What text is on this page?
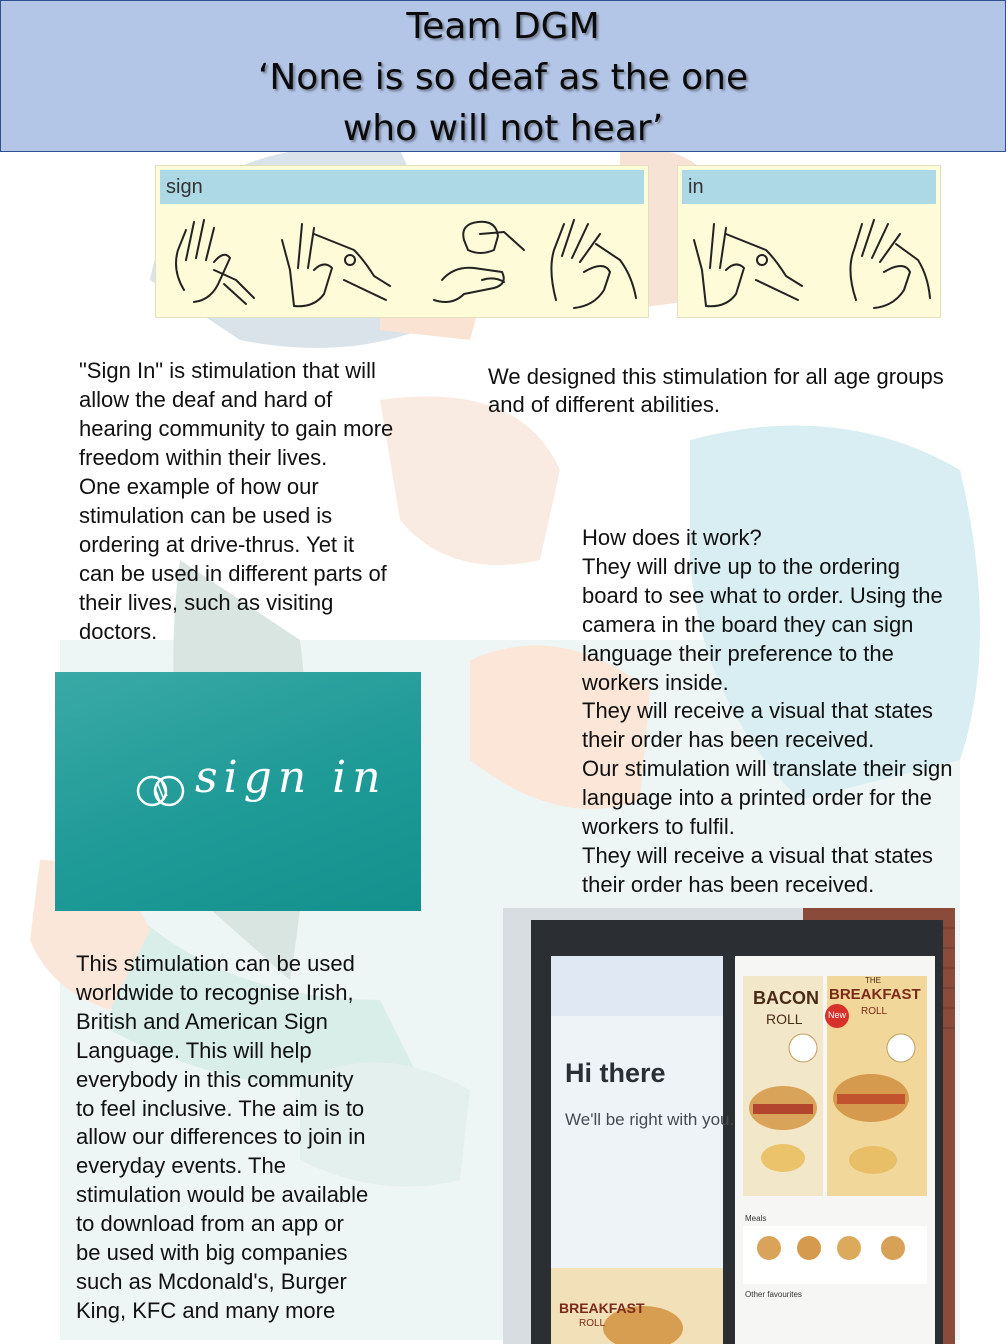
Team DGM
‘None is so deaf as the one
who will not hear’
sign	in

"Sign In" is stimulation that will

allow the deaf and hard of

hearing community to gain more

freedom within their lives.

One example of how our

stimulation can be used is

ordering at drive-thrus. Yet it

can be used in different parts of

their lives, such as visiting

doctors.

We designed this stimulation for all age groups

and of different abilities.

How does it work?

They will drive up to the ordering

board to see what to order. Using the

camera in the board they can sign

language their preference to the

workers inside.

They will receive a visual that states

their order has been received.

Our stimulation will translate their sign

language into a printed order for the

workers to fulfil.

They will receive a visual that states

their order has been received.

sign in

This stimulation can be used

worldwide to recognise Irish,

British and American Sign

Language. This will help

everybody in this community

to feel inclusive. The aim is to

allow our differences to join in

everyday events. The

stimulation would be available

to download from an app or

be used with big companies

such as Mcdonald's, Burger

King, KFC and many more

Hi there
We'll be right with you.
BACON
ROLL
THE
BREAKFAST
ROLL
New
Meals
Other favourites
BREAKFAST
ROLL
